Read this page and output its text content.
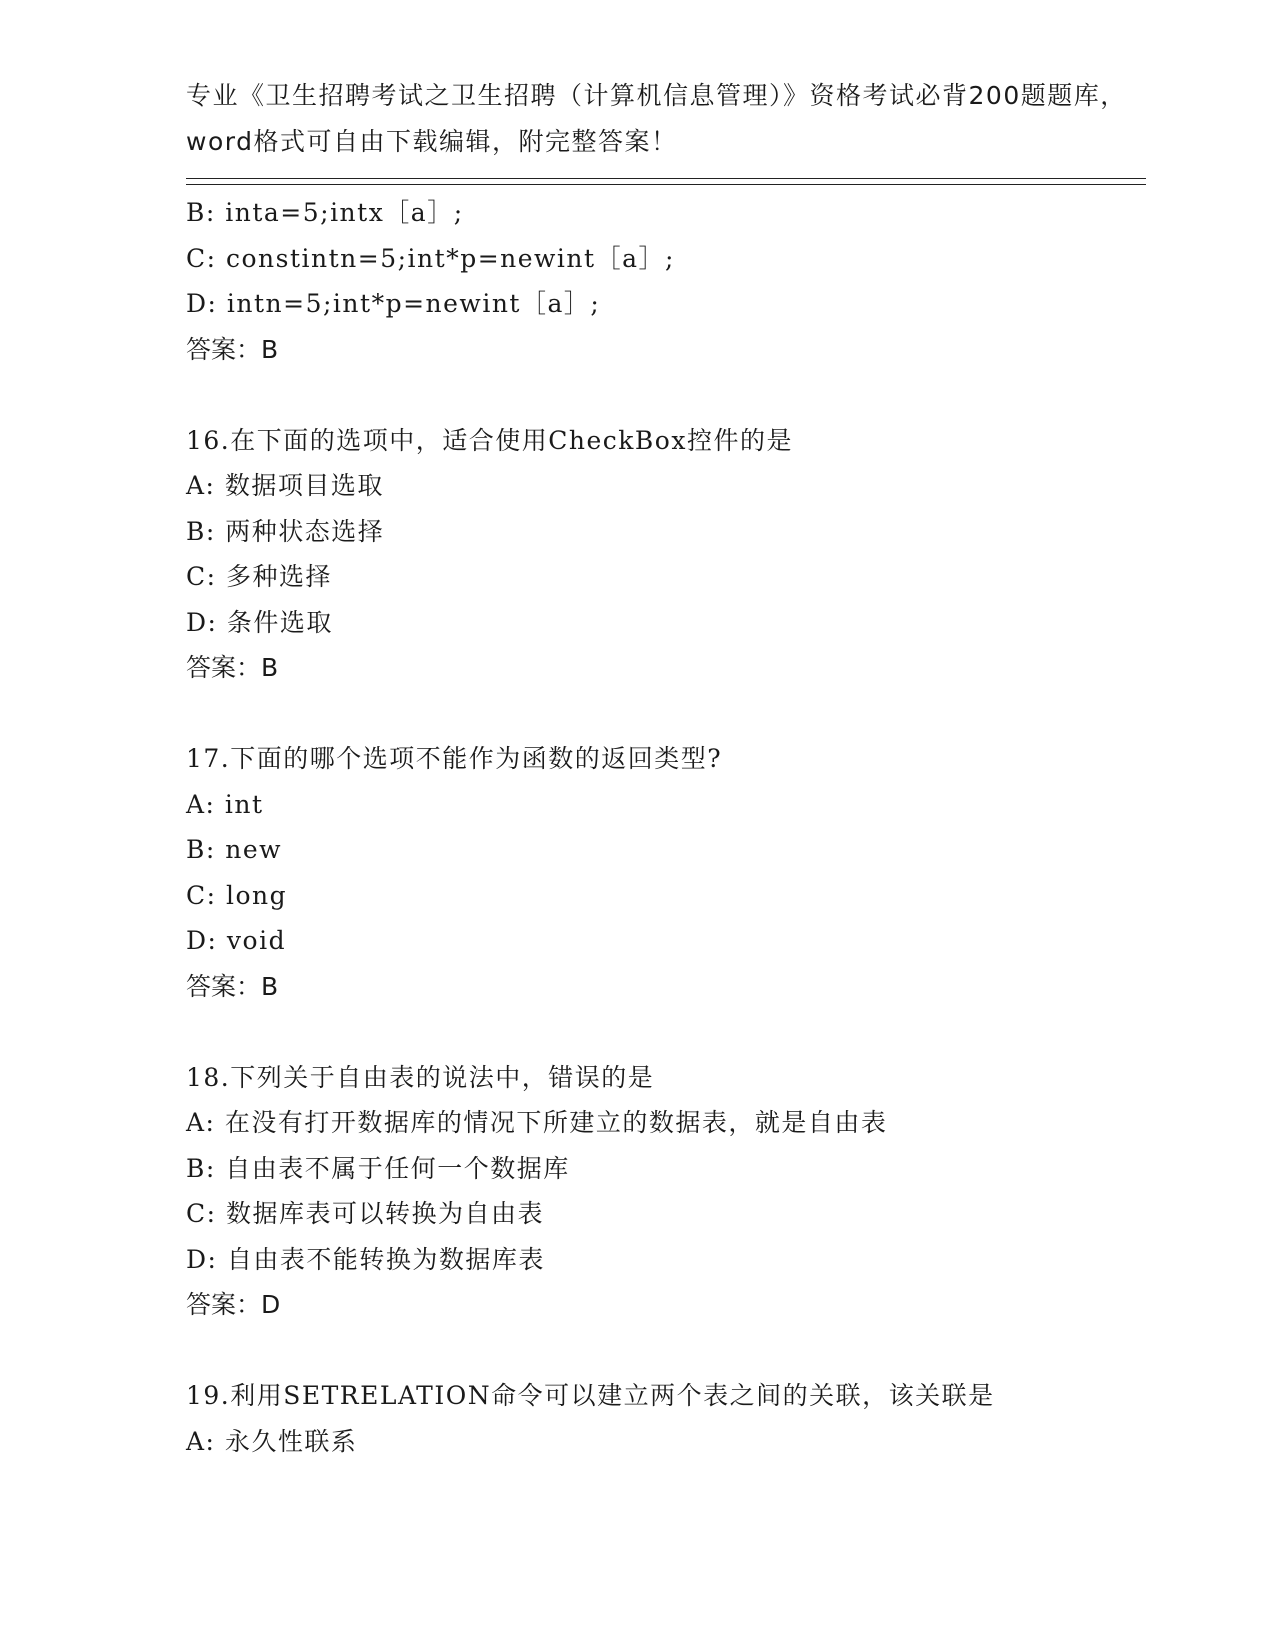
专业《卫生招聘考试之卫生招聘（计算机信息管理）》资格考试必背200题题库，
word格式可自由下载编辑，附完整答案！
B: inta=5;intx［a］;
C: constintn=5;int*p=newint［a］;
D: intn=5;int*p=newint［a］;
答案：B
16.在下面的选项中，适合使用CheckBox控件的是
A: 数据项目选取
B: 两种状态选择
C: 多种选择
D: 条件选取
答案：B
17.下面的哪个选项不能作为函数的返回类型?
A: int
B: new
C: long
D: void
答案：B
18.下列关于自由表的说法中，错误的是
A: 在没有打开数据库的情况下所建立的数据表，就是自由表
B: 自由表不属于任何一个数据库
C: 数据库表可以转换为自由表
D: 自由表不能转换为数据库表
答案：D
19.利用SETRELATION命令可以建立两个表之间的关联，该关联是
A: 永久性联系
